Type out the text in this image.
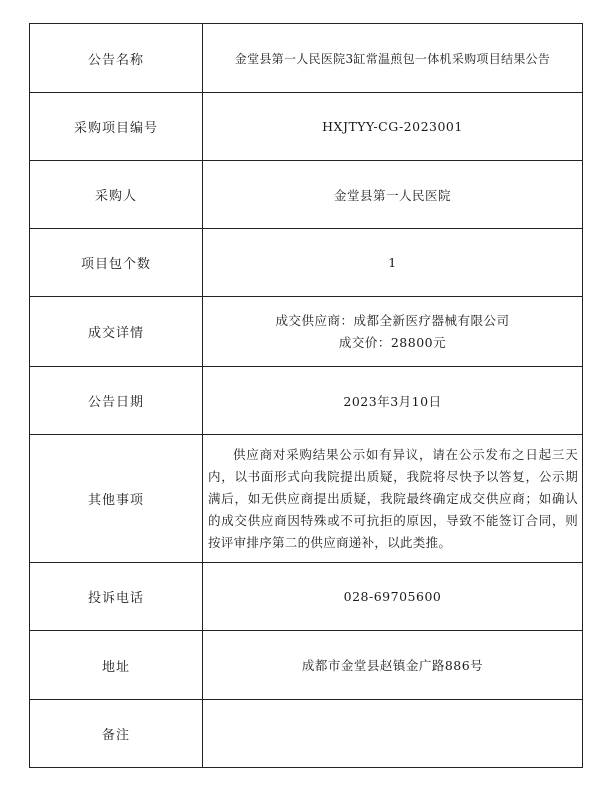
公告名称	金堂县第一人民医院3缸常温煎包一体机采购项目结果公告
采购项目编号	HXJTYY-CG-2023001
采购人	金堂县第一人民医院
项目包个数	1
成交详情	成交供应商：成都全新医疗器械有限公司
成交价：28800元

公告日期	2023年3月10日
其他事项	供应商对采购结果公示如有异议，请在公示发布之日起三天内，以书面形式向我院提出质疑，我院将尽快予以答复，公示期满后，如无供应商提出质疑，我院最终确定成交供应商；如确认的成交供应商因特殊或不可抗拒的原因，导致不能签订合同，则按评审排序第二的供应商递补，以此类推。

投诉电话	028-69705600
地址	成都市金堂县赵镇金广路886号
备注	
